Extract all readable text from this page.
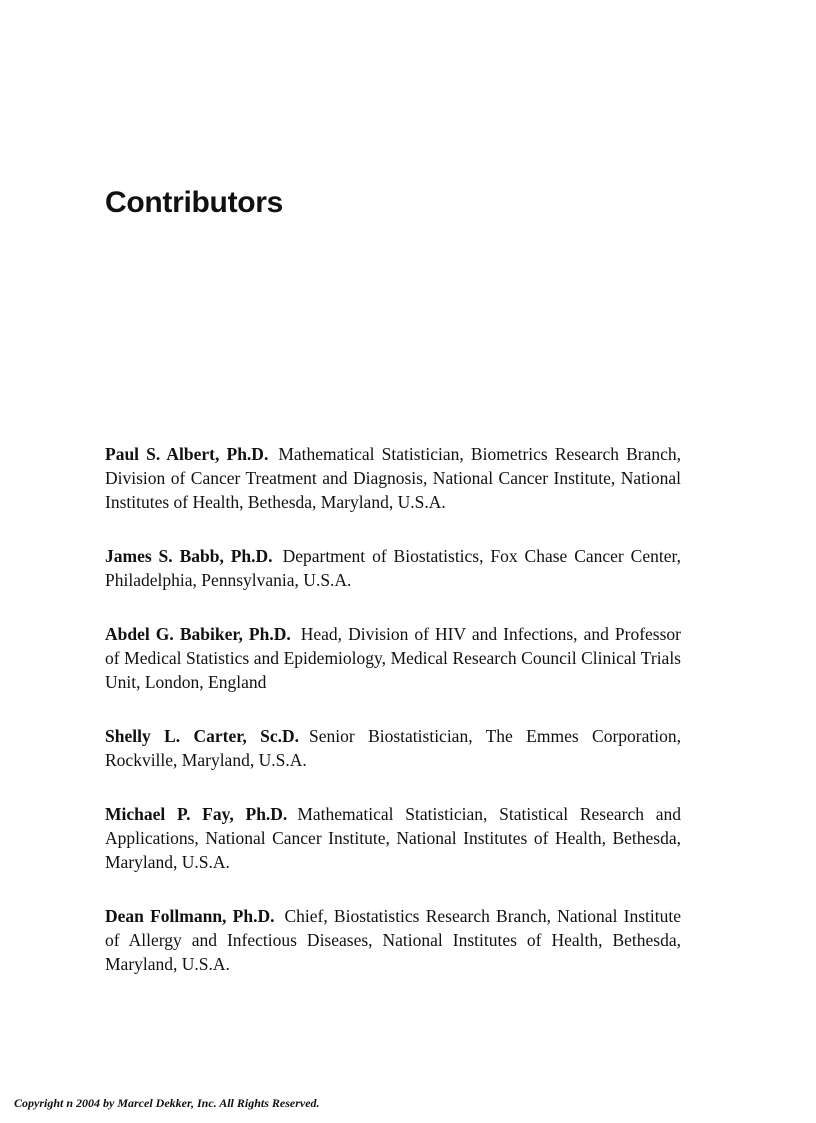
Contributors

Paul S. Albert, Ph.D. Mathematical Statistician, Biometrics Research Branch, Division of Cancer Treatment and Diagnosis, National Cancer Institute, National Institutes of Health, Bethesda, Maryland, U.S.A.

James S. Babb, Ph.D. Department of Biostatistics, Fox Chase Cancer Center, Philadelphia, Pennsylvania, U.S.A.

Abdel G. Babiker, Ph.D. Head, Division of HIV and Infections, and Professor of Medical Statistics and Epidemiology, Medical Research Council Clinical Trials Unit, London, England

Shelly L. Carter, Sc.D. Senior Biostatistician, The Emmes Corporation, Rockville, Maryland, U.S.A.

Michael P. Fay, Ph.D. Mathematical Statistician, Statistical Research and Applications, National Cancer Institute, National Institutes of Health, Bethesda, Maryland, U.S.A.

Dean Follmann, Ph.D. Chief, Biostatistics Research Branch, National Institute of Allergy and Infectious Diseases, National Institutes of Health, Bethesda, Maryland, U.S.A.

Copyright n 2004 by Marcel Dekker, Inc. All Rights Reserved.
